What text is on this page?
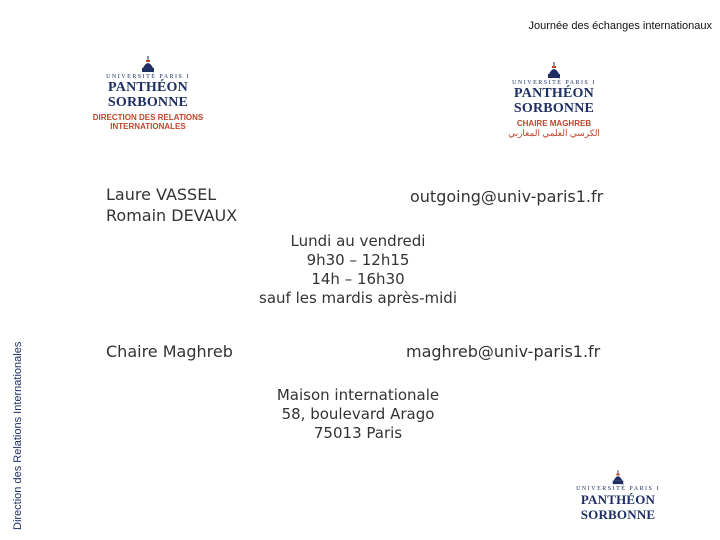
Journée des échanges internationaux
Direction des Relations Internationales
UNIVERSITÉ PARIS I
PANTHÉON SORBONNE
DIRECTION DES RELATIONS
INTERNATIONALES
UNIVERSITÉ PARIS I
PANTHÉON SORBONNE
CHAIRE MAGHREB
الكرسي العلمي المغاربي
Laure VASSEL
Romain DEVAUX
outgoing@univ-paris1.fr
Lundi au vendredi
9h30 – 12h15
14h – 16h30
sauf les mardis après-midi
Chaire Maghreb	maghreb@univ-paris1.fr
Maison internationale
58, boulevard Arago
75013 Paris
UNIVERSITÉ PARIS I
PANTHÉON SORBONNE
